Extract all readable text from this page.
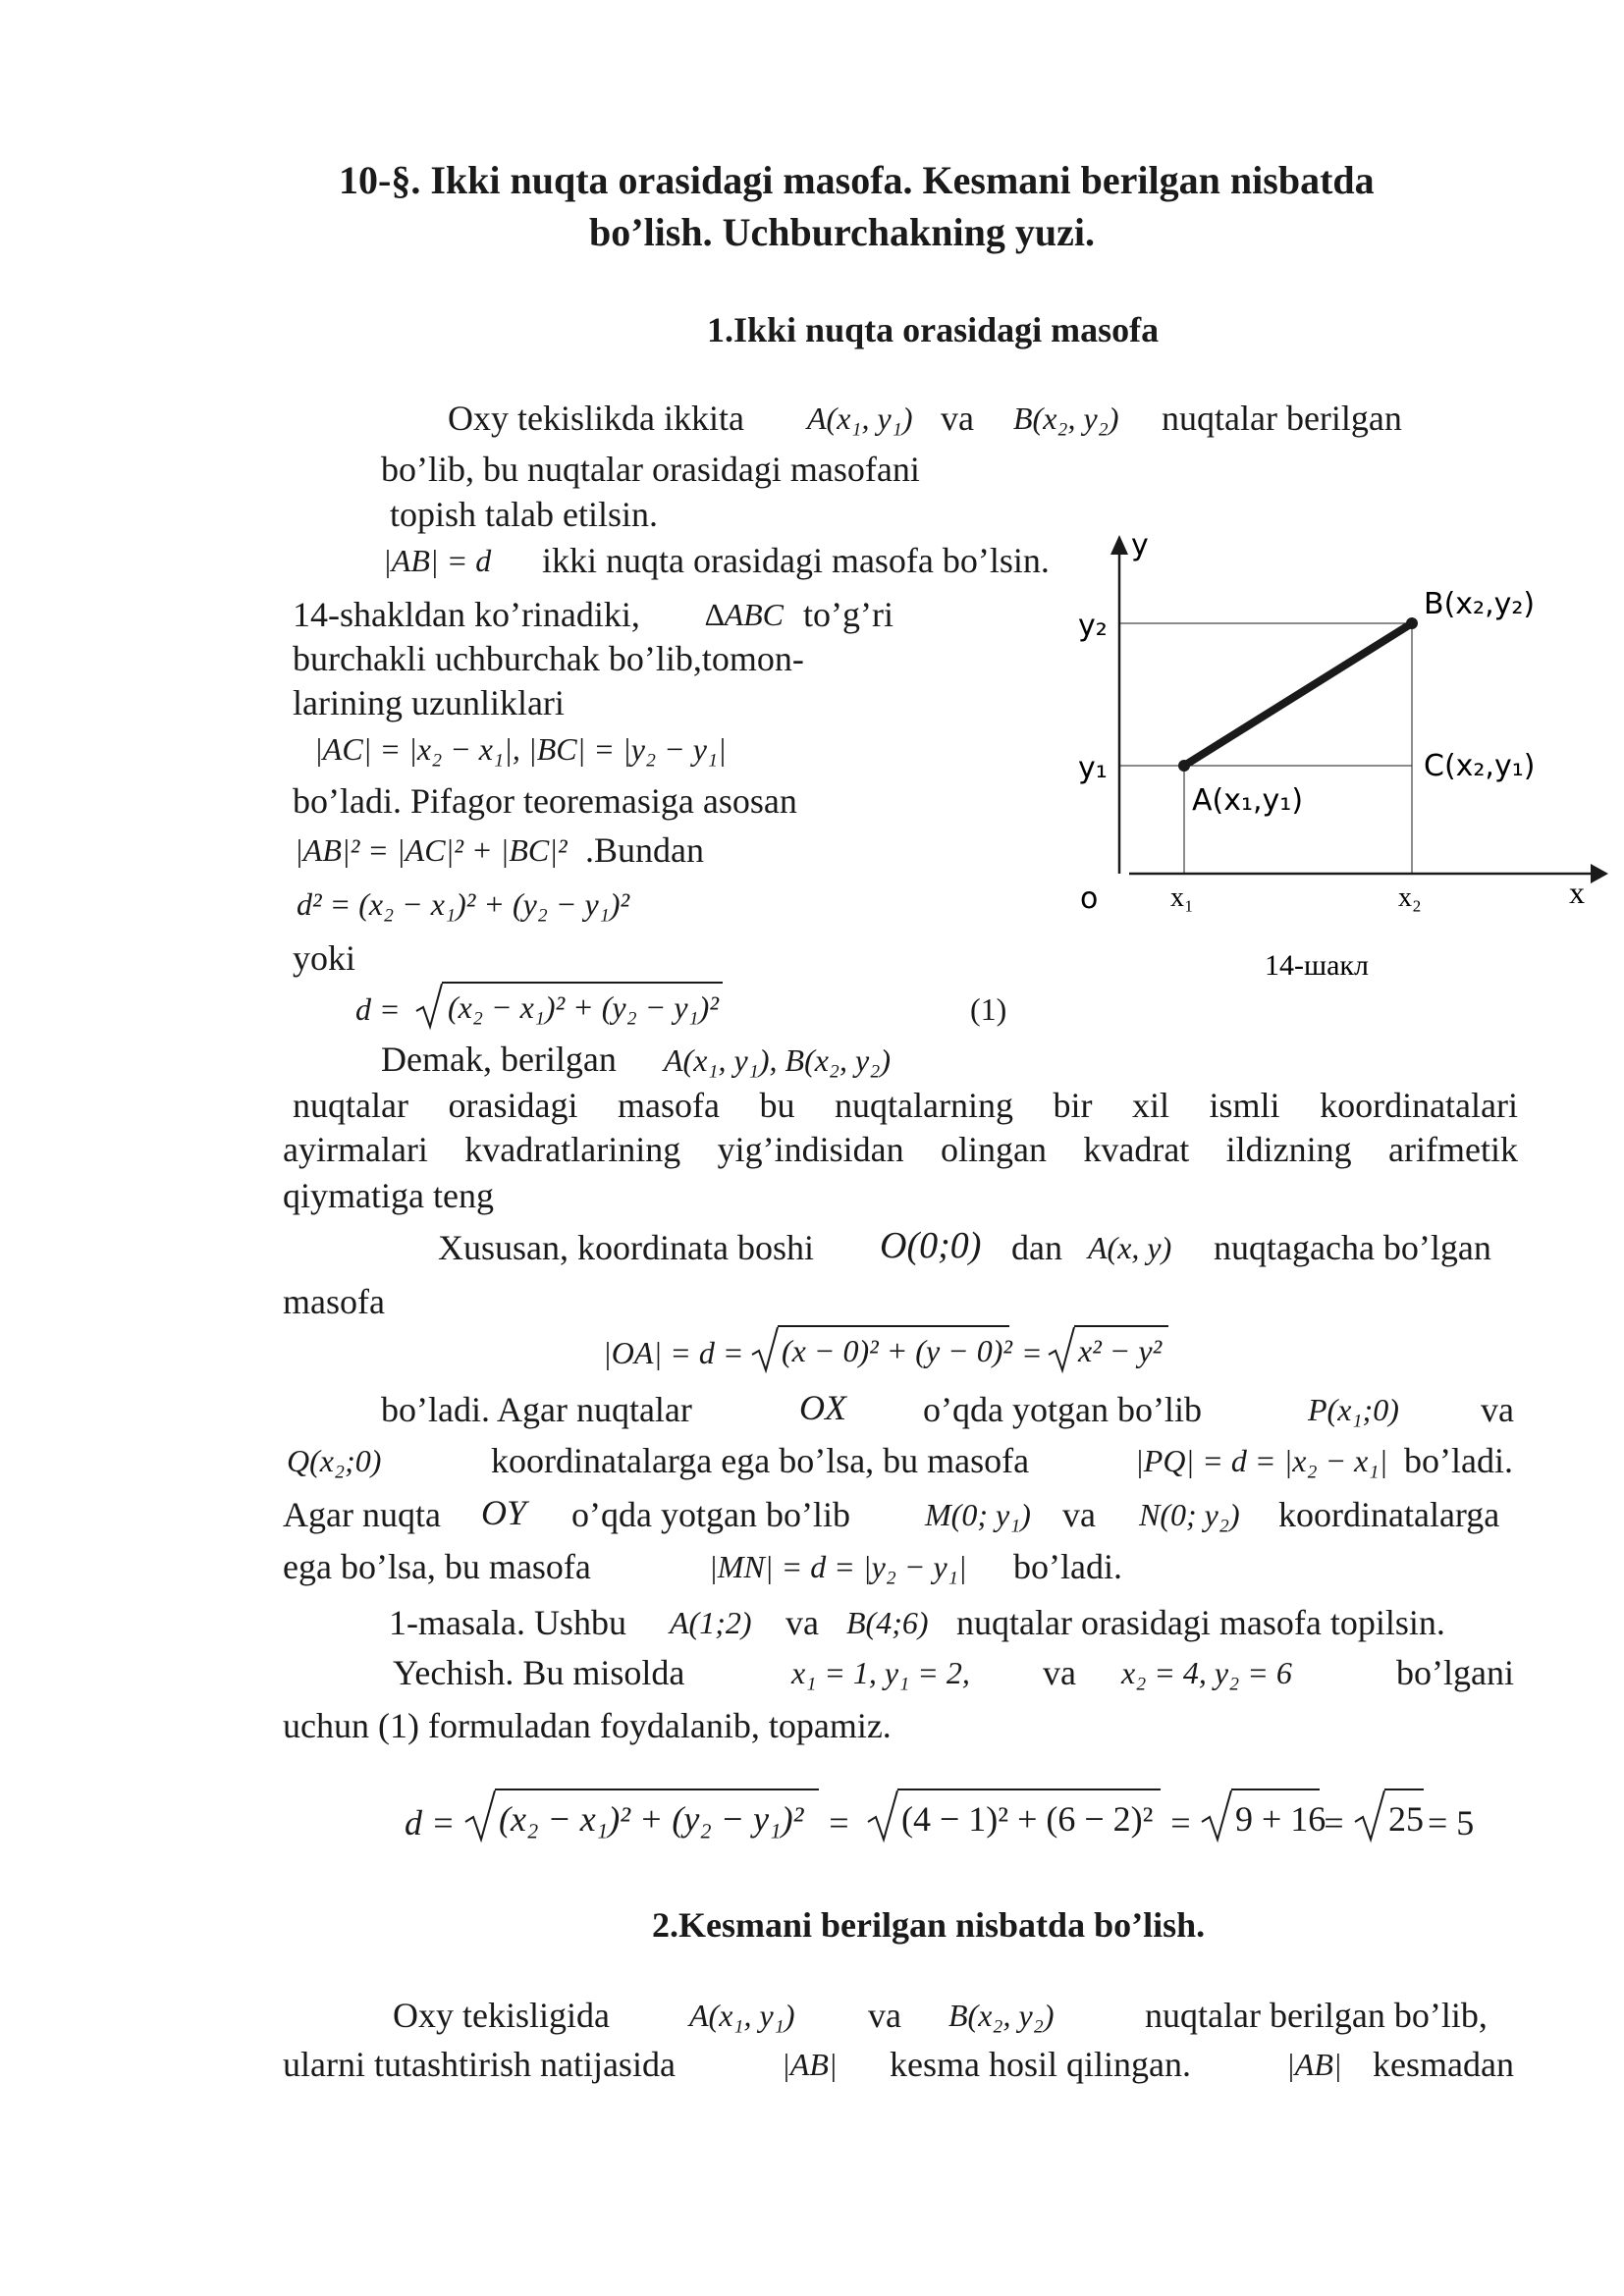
10-§. Ikki nuqta orasidagi masofa. Kesmani berilgan nisbatda
bo’lish. Uchburchakning yuzi.
1.Ikki nuqta orasidagi masofa
Oxy tekislikda ikkita A(x₁, y₁) va B(x₂, y₂) nuqtalar berilgan
bo’lib, bu nuqtalar orasidagi masofani
topish talab etilsin.
|AB| = d ikki nuqta orasidagi masofa bo’lsin.
14-shakldan ko’rinadiki, ∆ABC to’g’ri
burchakli uchburchak bo’lib,tomon-
larining uzunliklari
|AC| = |x₂ − x₁|, |BC| = |y₂ − y₁|
bo’ladi. Pifagor teoremasiga asosan
|AB|² = |AC|² + |BC|² .Bundan
d² = (x₂ − x₁)² + (y₂ − y₁)²
yoki
d = (x₂ − x₁)² + (y₂ − y₁)²	(1)
Demak, berilgan A(x₁, y₁), B(x₂, y₂)
nuqtalar orasidagi masofa bu nuqtalarning bir xil ismli koordinatalari
ayirmalari kvadratlarining yig’indisidan olingan kvadrat ildizning arifmetik
qiymatiga teng
Xususan, koordinata boshi O(0;0) dan A(x, y) nuqtagacha bo’lgan
masofa
|OA| = d = (x − 0)² + (y − 0)² = x² − y²
bo’ladi. Agar nuqtalar	OX o’qda yotgan bo’lib	P(x₁;0) va
Q(x₂;0)	koordinatalarga ega bo’lsa, bu masofa	|PQ| = d = |x₂ − x₁| bo’ladi.
Agar nuqta OY o’qda yotgan bo’lib M(0; y₁) va N(0; y₂) koordinatalarga
ega bo’lsa, bu masofa	|MN| = d = |y₂ − y₁| bo’ladi.
1-masala. Ushbu A(1;2) va B(4;6) nuqtalar orasidagi masofa topilsin.
Yechish. Bu misolda	x₁ = 1, y₁ = 2, va x₂ = 4, y₂ = 6	bo’lgani
uchun (1) formuladan foydalanib, topamiz.
d = (x₂ − x₁)² + (y₂ − y₁)² = (4 − 1)² + (6 − 2)² = 9 + 16
= 25 = 5
2.Kesmani berilgan nisbatda bo’lish.
Oxy tekisligida	A(x₁, y₁) va B(x₂, y₂)	nuqtalar berilgan bo’lib,
ularni tutashtirish natijasida	|AB| kesma hosil qilingan.	|AB| kesmadan
y
x
o
y₂
y₁
x₁	x₂
B(x₂,y₂)
C(x₂,y₁)
A(x₁,y₁)
14-шакл
